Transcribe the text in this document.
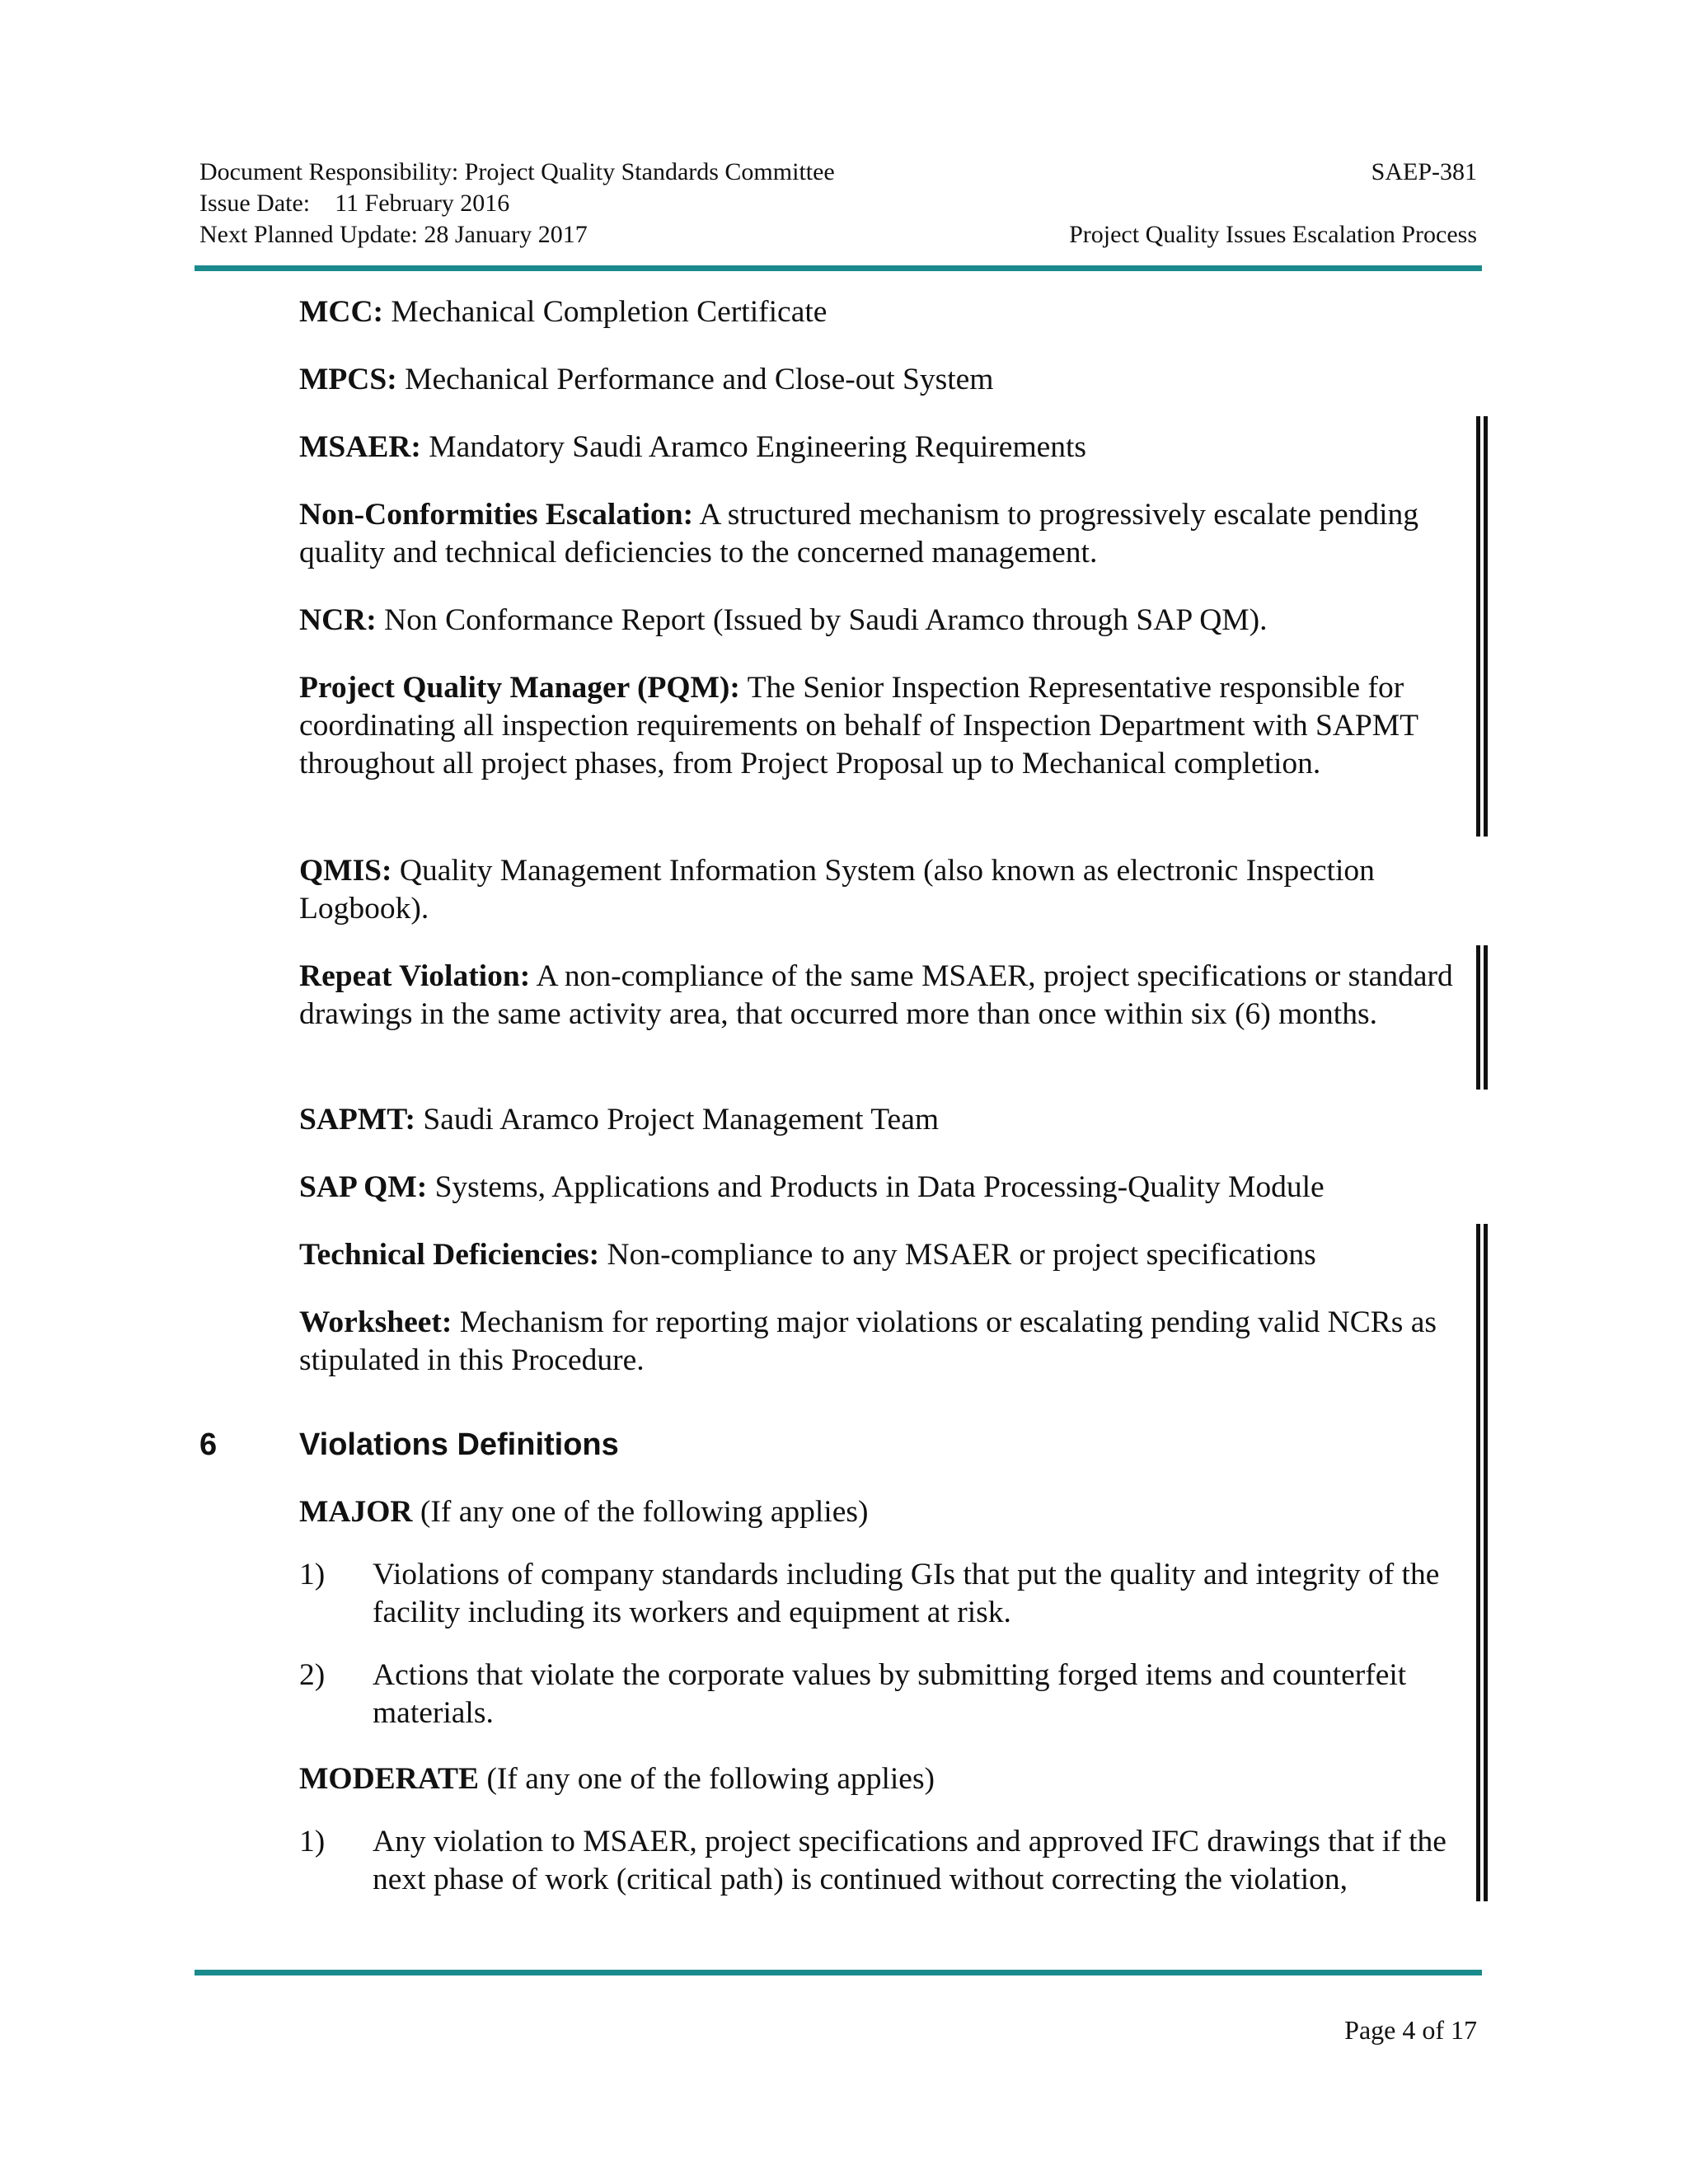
Document Responsibility: Project Quality Standards Committee	SAEP-381
Issue Date:    11 February 2016
Next Planned Update: 28 January 2017	Project Quality Issues Escalation Process

MCC: Mechanical Completion Certificate

MPCS: Mechanical Performance and Close-out System

MSAER: Mandatory Saudi Aramco Engineering Requirements

Non-Conformities Escalation: A structured mechanism to progressively escalate pending quality and technical deficiencies to the concerned management.

NCR: Non Conformance Report (Issued by Saudi Aramco through SAP QM).

Project Quality Manager (PQM): The Senior Inspection Representative responsible for coordinating all inspection requirements on behalf of Inspection Department with SAPMT throughout all project phases, from Project Proposal up to Mechanical completion.

QMIS: Quality Management Information System (also known as electronic Inspection Logbook).

Repeat Violation: A non-compliance of the same MSAER, project specifications or standard drawings in the same activity area, that occurred more than once within six (6) months.

SAPMT: Saudi Aramco Project Management Team

SAP QM: Systems, Applications and Products in Data Processing-Quality Module

Technical Deficiencies: Non-compliance to any MSAER or project specifications

Worksheet: Mechanism for reporting major violations or escalating pending valid NCRs as stipulated in this Procedure.

6	Violations Definitions

MAJOR (If any one of the following applies)

1) Violations of company standards including GIs that put the quality and integrity of the facility including its workers and equipment at risk.

2) Actions that violate the corporate values by submitting forged items and counterfeit materials.

MODERATE (If any one of the following applies)

1) Any violation to MSAER, project specifications and approved IFC drawings that if the next phase of work (critical path) is continued without correcting the violation,

Page 4 of 17
